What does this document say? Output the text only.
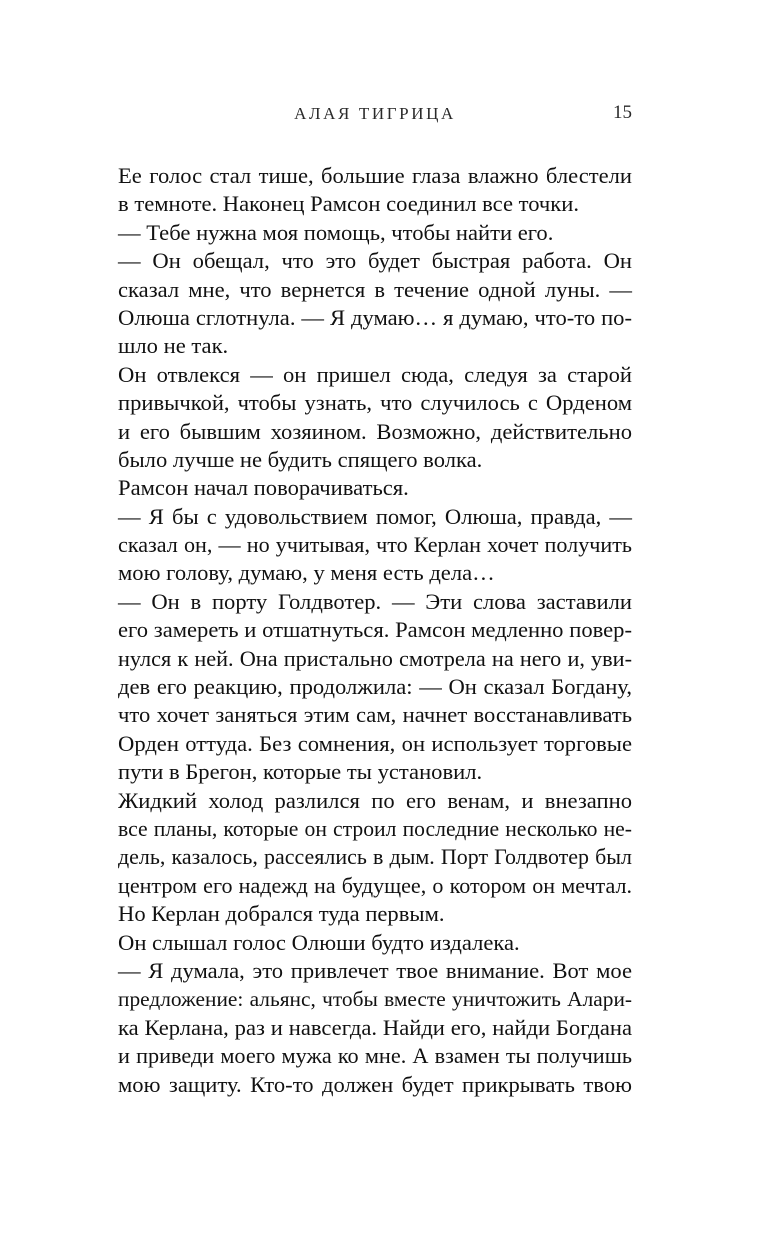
АЛАЯ ТИГРИЦА	15
Ее голос стал тише, большие глаза влажно блестели
в темноте. Наконец Рамсон соединил все точки.
— Тебе нужна моя помощь, чтобы найти его.
— Он обещал, что это будет быстрая работа. Он
сказал мне, что вернется в течение одной луны. —
Олюша сглотнула. — Я думаю… я думаю, что-то по-
шло не так.
Он отвлекся — он пришел сюда, следуя за старой
привычкой, чтобы узнать, что случилось с Орденом
и его бывшим хозяином. Возможно, действительно
было лучше не будить спящего волка.
Рамсон начал поворачиваться.
— Я бы с удовольствием помог, Олюша, правда, —
сказал он, — но учитывая, что Керлан хочет получить
мою голову, думаю, у меня есть дела…
— Он в порту Голдвотер. — Эти слова заставили
его замереть и отшатнуться. Рамсон медленно повер-
нулся к ней. Она пристально смотрела на него и, уви-
дев его реакцию, продолжила: — Он сказал Богдану,
что хочет заняться этим сам, начнет восстанавливать
Орден оттуда. Без сомнения, он использует торговые
пути в Брегон, которые ты установил.
Жидкий холод разлился по его венам, и внезапно
все планы, которые он строил последние несколько не-
дель, казалось, рассеялись в дым. Порт Голдвотер был
центром его надежд на будущее, о котором он мечтал.
Но Керлан добрался туда первым.
Он слышал голос Олюши будто издалека.
— Я думала, это привлечет твое внимание. Вот мое
предложение: альянс, чтобы вместе уничтожить Алари-
ка Керлана, раз и навсегда. Найди его, найди Богдана
и приведи моего мужа ко мне. А взамен ты получишь
мою защиту. Кто-то должен будет прикрывать твою
